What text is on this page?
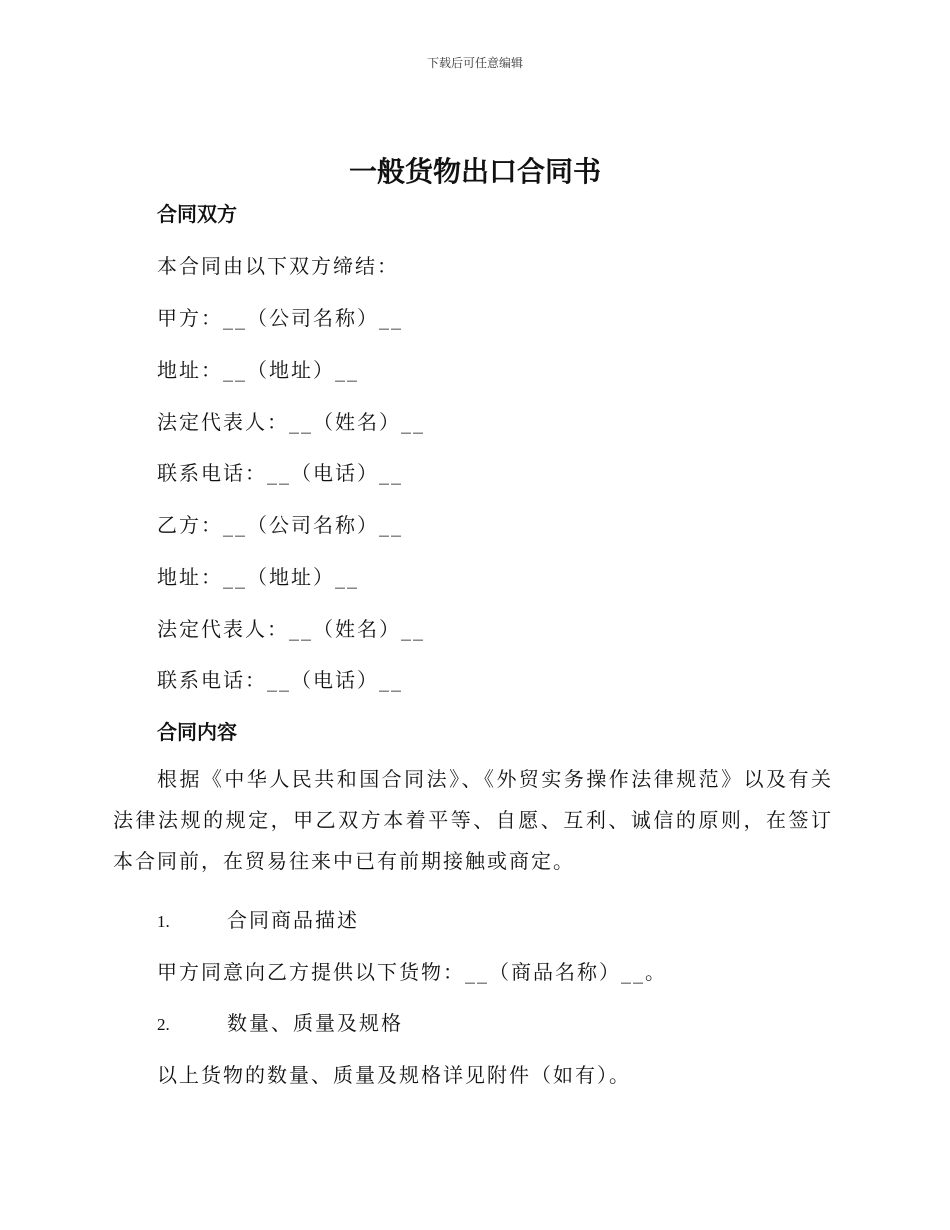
下载后可任意编辑
一般货物出口合同书
合同双方
本合同由以下双方缔结：
甲方：__（公司名称）__
地址：__（地址）__
法定代表人：__（姓名）__
联系电话：__（电话）__
乙方：__（公司名称）__
地址：__（地址）__
法定代表人：__（姓名）__
联系电话：__（电话）__
合同内容
根据《中华人民共和国合同法》、《外贸实务操作法律规范》以及有关法律法规的规定，甲乙双方本着平等、自愿、互利、诚信的原则，在签订本合同前，在贸易往来中已有前期接触或商定。
1.	合同商品描述
甲方同意向乙方提供以下货物：__（商品名称）__。
2.	数量、质量及规格
以上货物的数量、质量及规格详见附件（如有）。
